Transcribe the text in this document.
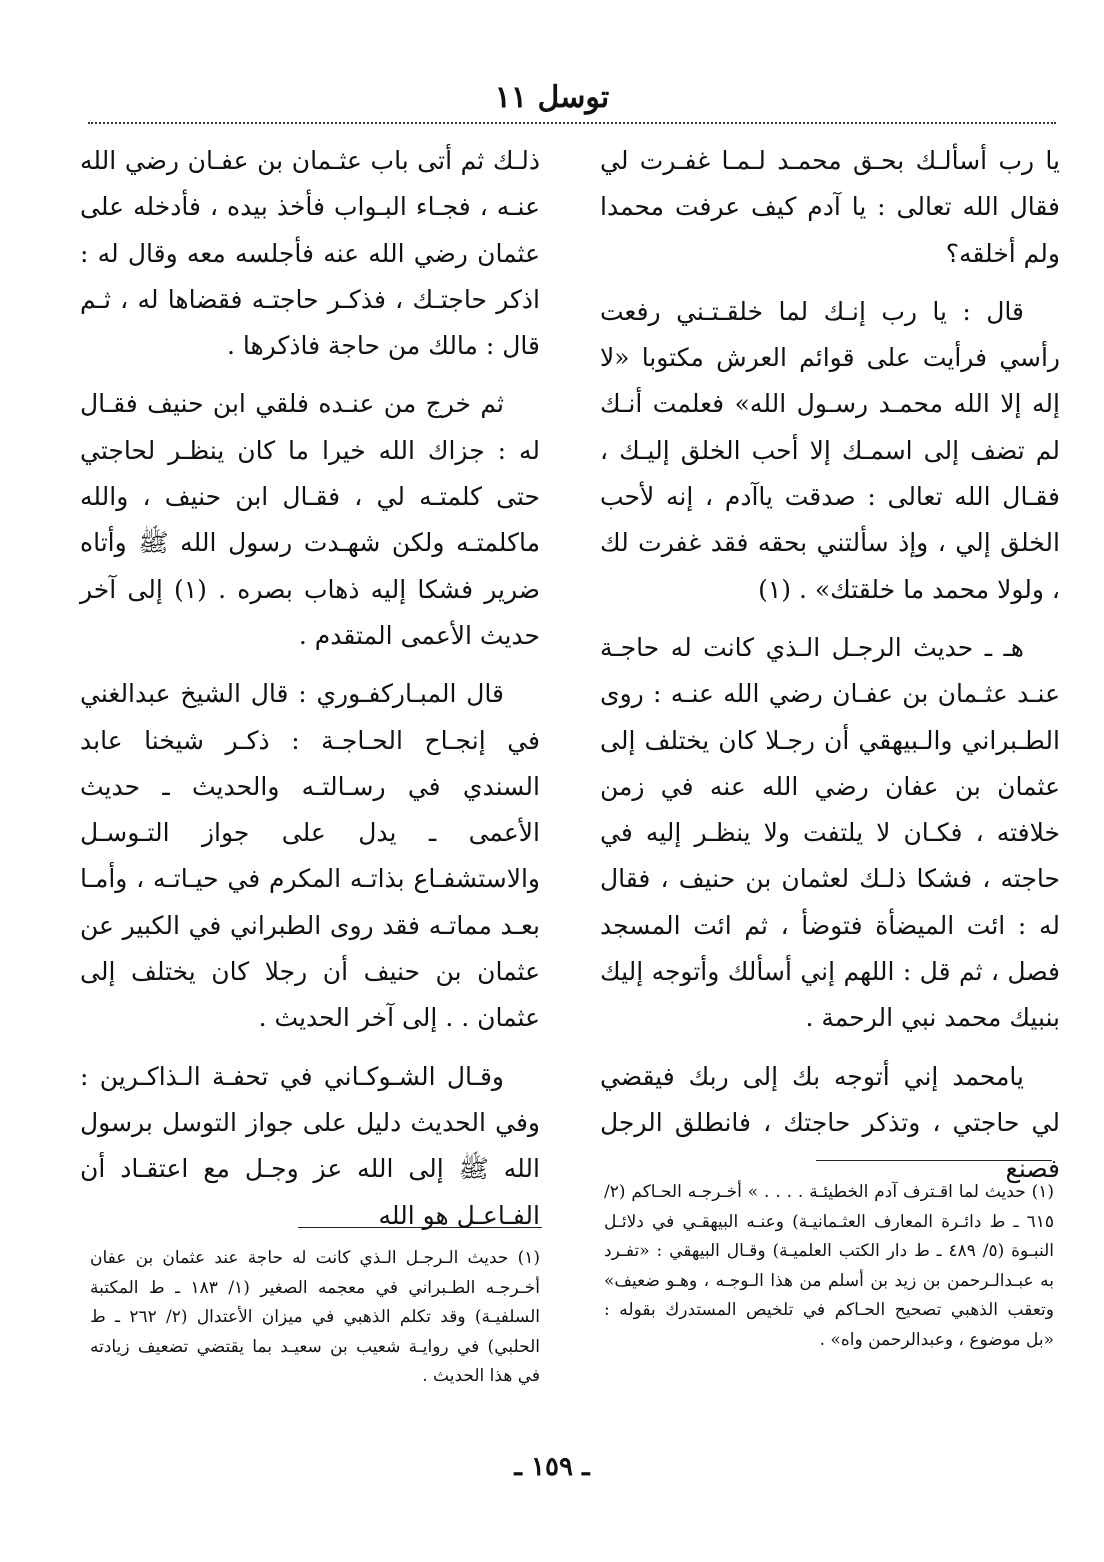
توسل ١١

يا رب أسألـك بحـق محمـد لـمـا غفـرت لي فقال الله تعالى : يا آدم كيف عرفت محمدا ولم أخلقه؟

قال : يا رب إنـك لما خلقـتـني رفعت رأسي فرأيت على قوائم العرش مكتوبا «لا إله إلا الله محمـد رسـول الله» فعلمت أنـك لم تضف إلى اسمـك إلا أحب الخلق إليـك ، فقـال الله تعالى : صدقت ياآدم ، إنه لأحب الخلق إلي ، وإذ سألتني بحقه فقد غفرت لك ، ولولا محمد ما خلقتك» . (١)

هـ ـ حديث الرجـل الـذي كانت له حاجـة عنـد عثـمان بن عفـان رضي الله عنـه : روى الطـبراني والـبيهقي أن رجـلا كان يختلف إلى عثمان بن عفان رضي الله عنه في زمن خلافته ، فكـان لا يلتفت ولا ينظـر إليه في حاجته ، فشكا ذلـك لعثمان بن حنيف ، فقال له : ائت الميضأة فتوضأ ، ثم ائت المسجد فصل ، ثم قل : اللهم إني أسألك وأتوجه إليك بنبيك محمد نبي الرحمة .

يامحمد إني أتوجه بك إلى ربك فيقضي لي حاجتي ، وتذكر حاجتك ، فانطلق الرجل فصنع

ذلـك ثم أتى باب عثـمان بن عفـان رضي الله عنـه ، فجـاء البـواب فأخذ بيده ، فأدخله على عثمان رضي الله عنه فأجلسه معه وقال له : اذكر حاجتـك ، فذكـر حاجتـه فقضاها له ، ثـم قال : مالك من حاجة فاذكرها .

ثم خرج من عنـده فلقي ابن حنيف فقـال له : جزاك الله خيرا ما كان ينظـر لحاجتي حتى كلمتـه لي ، فقـال ابن حنيف ، والله ماكلمتـه ولكن شهـدت رسول الله ﷺ وأتاه ضرير فشكا إليه ذهاب بصره . (١) إلى آخر حديث الأعمى المتقدم .

قال المبـاركفـوري : قال الشيخ عبدالغني في إنجـاح الحـاجـة : ذكـر شيخنا عابد السندي في رسـالتـه والحديث ـ حديث الأعمى ـ يدل على جواز التـوسـل والاستشفـاع بذاتـه المكرم في حيـاتـه ، وأمـا بعـد مماتـه فقد روى الطبراني في الكبير عن عثمان بن حنيف أن رجلا كان يختلف إلى عثمان . . إلى آخر الحديث .

وقـال الشـوكـاني في تحفـة الـذاكـرين : وفي الحديث دليل على جواز التوسل برسول الله ﷺ إلى الله عز وجـل مع اعتقـاد أن الفـاعـل هو الله

(١) حديث لما اقـترف آدم الخطيئـة . . . . » أخـرجـه الحـاكم (٢/ ٦١٥ ـ ط دائـرة المعارف العثـمانيـة) وعنـه البيهقـي في دلائـل النبـوة (٥/ ٤٨٩ ـ ط دار الكتب العلميـة) وقـال البيهقي : «تفـرد به عبـدالـرحمن بن زيد بن أسلم من هذا الـوجـه ، وهـو ضعيف» وتعقب الذهبي تصحيح الحـاكم في تلخيص المستدرك بقوله : «بل موضوع ، وعبدالرحمن واه» .

(١) حديث الـرجـل الـذي كانت له حاجة عند عثمان بن عفان أخـرجـه الطـبراني في معجمه الصغير (١/ ١٨٣ ـ ط المكتبة السلفيـة) وقد تكلم الذهبي في ميزان الأعتدال (٢/ ٢٦٢ ـ ط الحلبي) في روايـة شعيب بن سعيـد بما يقتضي تضعيف زيادته في هذا الحديث .

ـ ١٥٩ ـ
